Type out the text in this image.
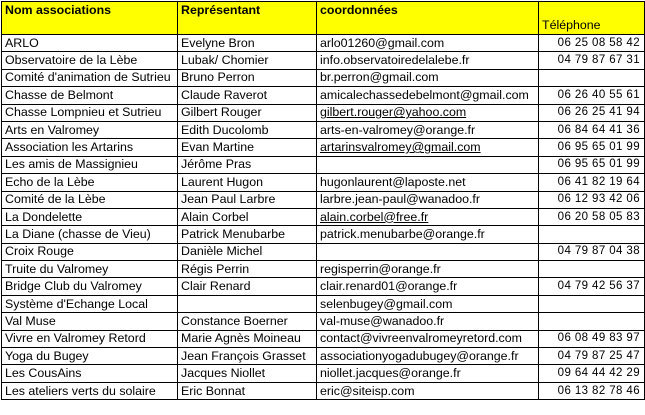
Nom associations	Représentant	coordonnées	Téléphone
ARLO	Evelyne Bron	arlo01260@gmail.com	06 25 08 58 42
Observatoire de la Lèbe	Lubak/ Chomier	info.observatoiredelalebe.fr	04 79 87 67 31
Comité d'animation de Sutrieu	Bruno Perron	br.perron@gmail.com	
Chasse de Belmont	Claude Raverot	amicalechassedebelmont@gmail.com	06 26 40 55 61
Chasse Lompnieu et Sutrieu	Gilbert Rouger	gilbert.rouger@yahoo.com	06 26 25 41 94
Arts en Valromey	Edith Ducolomb	arts-en-valromey@orange.fr	06 84 64 41 36
Association les Artarins	Evan Martine	artarinsvalromey@gmail.com	06 95 65 01 99
Les amis de Massignieu	Jérôme Pras		06 95 65 01 99
Echo de la Lèbe	Laurent Hugon	hugonlaurent@laposte.net	06 41 82 19 64
Comité de la Lèbe	Jean Paul Larbre	larbre.jean-paul@wanadoo.fr	06 12 93 42 06
La Dondelette	Alain Corbel	alain.corbel@free.fr	06 20 58 05 83
La Diane (chasse de Vieu)	Patrick Menubarbe	patrick.menubarbe@orange.fr	
Croix Rouge	Danièle Michel		04 79 87 04 38
Truite du Valromey	Régis Perrin	regisperrin@orange.fr	
Bridge Club du Valromey	Clair Renard	clair.renard01@orange.fr	04 79 42 56 37
Système d'Echange Local		selenbugey@gmail.com	
Val Muse	Constance Boerner	val-muse@wanadoo.fr	
Vivre en Valromey Retord	Marie Agnès Moineau	contact@vivreenvalromeyretord.com	06 08 49 83 97
Yoga du Bugey	Jean François Grasset	associationyogadubugey@orange.fr	04 79 87 25 47
Les CousAins	Jacques Niollet	niollet.jacques@orange.fr	09 64 44 42 29
Les ateliers verts du solaire	Eric Bonnat	eric@siteisp.com	06 13 82 78 46
